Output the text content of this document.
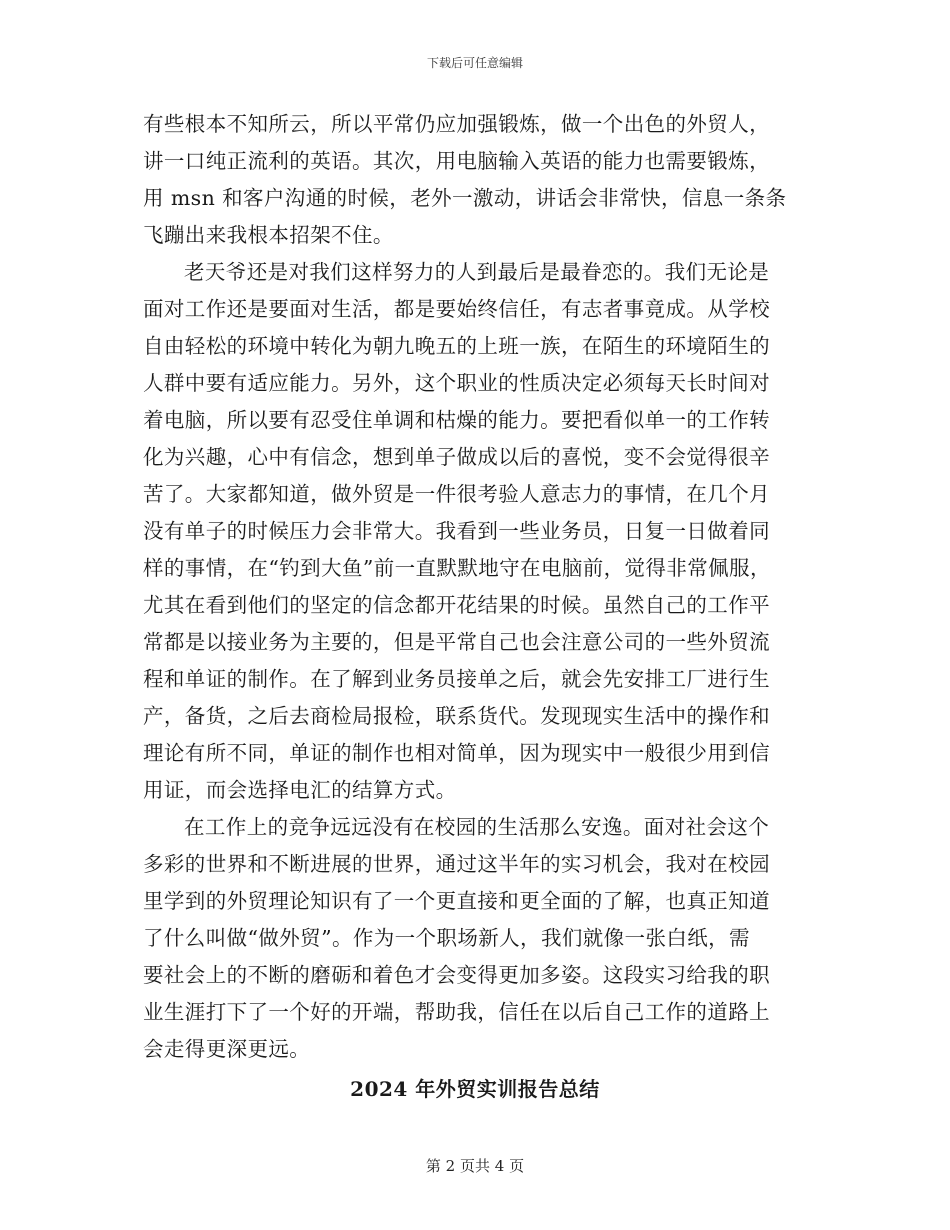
下载后可任意编辑
有些根本不知所云，所以平常仍应加强锻炼，做一个出色的外贸人，
讲一口纯正流利的英语。其次，用电脑输入英语的能力也需要锻炼，
用 msn 和客户沟通的时候，老外一激动，讲话会非常快，信息一条条
飞蹦出来我根本招架不住。
老天爷还是对我们这样努力的人到最后是最眷恋的。我们无论是
面对工作还是要面对生活，都是要始终信任，有志者事竟成。从学校
自由轻松的环境中转化为朝九晚五的上班一族，在陌生的环境陌生的
人群中要有适应能力。另外，这个职业的性质决定必须每天长时间对
着电脑，所以要有忍受住单调和枯燥的能力。要把看似单一的工作转
化为兴趣，心中有信念，想到单子做成以后的喜悦，变不会觉得很辛
苦了。大家都知道，做外贸是一件很考验人意志力的事情，在几个月
没有单子的时候压力会非常大。我看到一些业务员，日复一日做着同
样的事情，在“钓到大鱼”前一直默默地守在电脑前，觉得非常佩服，
尤其在看到他们的坚定的信念都开花结果的时候。虽然自己的工作平
常都是以接业务为主要的，但是平常自己也会注意公司的一些外贸流
程和单证的制作。在了解到业务员接单之后，就会先安排工厂进行生
产，备货，之后去商检局报检，联系货代。发现现实生活中的操作和
理论有所不同，单证的制作也相对简单，因为现实中一般很少用到信
用证，而会选择电汇的结算方式。
在工作上的竞争远远没有在校园的生活那么安逸。面对社会这个
多彩的世界和不断进展的世界，通过这半年的实习机会，我对在校园
里学到的外贸理论知识有了一个更直接和更全面的了解，也真正知道
了什么叫做“做外贸”。作为一个职场新人，我们就像一张白纸，需
要社会上的不断的磨砺和着色才会变得更加多姿。这段实习给我的职
业生涯打下了一个好的开端，帮助我，信任在以后自己工作的道路上
会走得更深更远。
2024 年外贸实训报告总结
第 2 页共 4 页
